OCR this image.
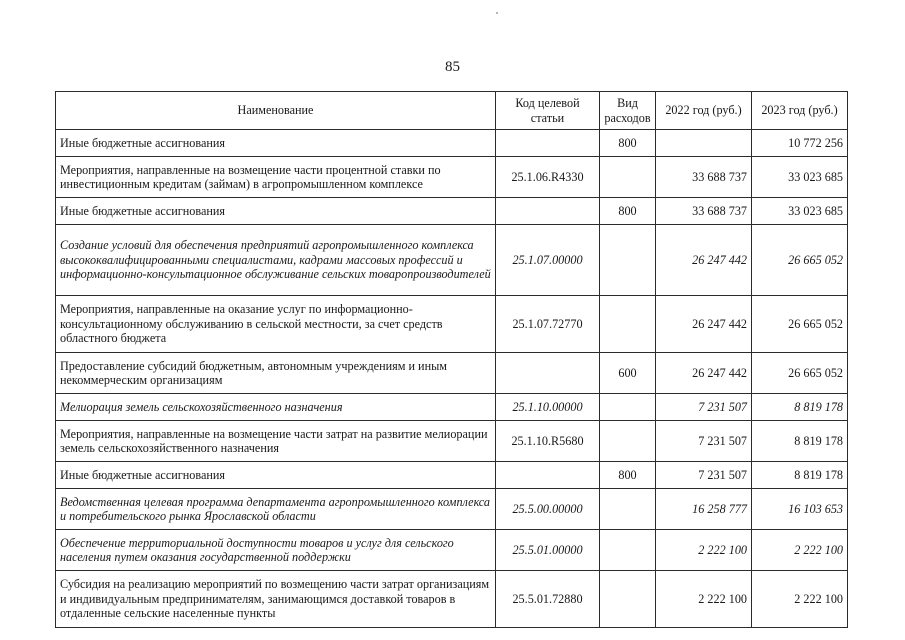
85
Наименование	Код целевой статьи	Вид расходов	2022 год (руб.)	2023 год (руб.)
Иные бюджетные ассигнования		800		10 772 256
Мероприятия, направленные на возмещение части процентной ставки по инвестиционным кредитам (займам) в агропромышленном комплексе	25.1.06.R4330		33 688 737	33 023 685
Иные бюджетные ассигнования		800	33 688 737	33 023 685
Создание условий для обеспечения предприятий агропромышленного комплекса высококвалифицированными специалистами, кадрами массовых профессий и информационно-консультационное обслуживание сельских товаропроизводителей	25.1.07.00000		26 247 442	26 665 052
Мероприятия, направленные на оказание услуг по информационно-консультационному обслуживанию в сельской местности, за счет средств областного бюджета	25.1.07.72770		26 247 442	26 665 052
Предоставление субсидий бюджетным, автономным учреждениям и иным некоммерческим организациям		600	26 247 442	26 665 052
Мелиорация земель сельскохозяйственного назначения	25.1.10.00000		7 231 507	8 819 178
Мероприятия, направленные на возмещение части затрат на развитие мелиорации земель сельскохозяйственного назначения	25.1.10.R5680		7 231 507	8 819 178
Иные бюджетные ассигнования		800	7 231 507	8 819 178
Ведомственная целевая программа департамента агропромышленного комплекса и потребительского рынка Ярославской области	25.5.00.00000		16 258 777	16 103 653
Обеспечение территориальной доступности товаров и услуг для сельского населения путем оказания государственной поддержки	25.5.01.00000		2 222 100	2 222 100
Субсидия на реализацию мероприятий по возмещению части затрат организациям и индивидуальным предпринимателям, занимающимся доставкой товаров в отдаленные сельские населенные пункты	25.5.01.72880		2 222 100	2 222 100
